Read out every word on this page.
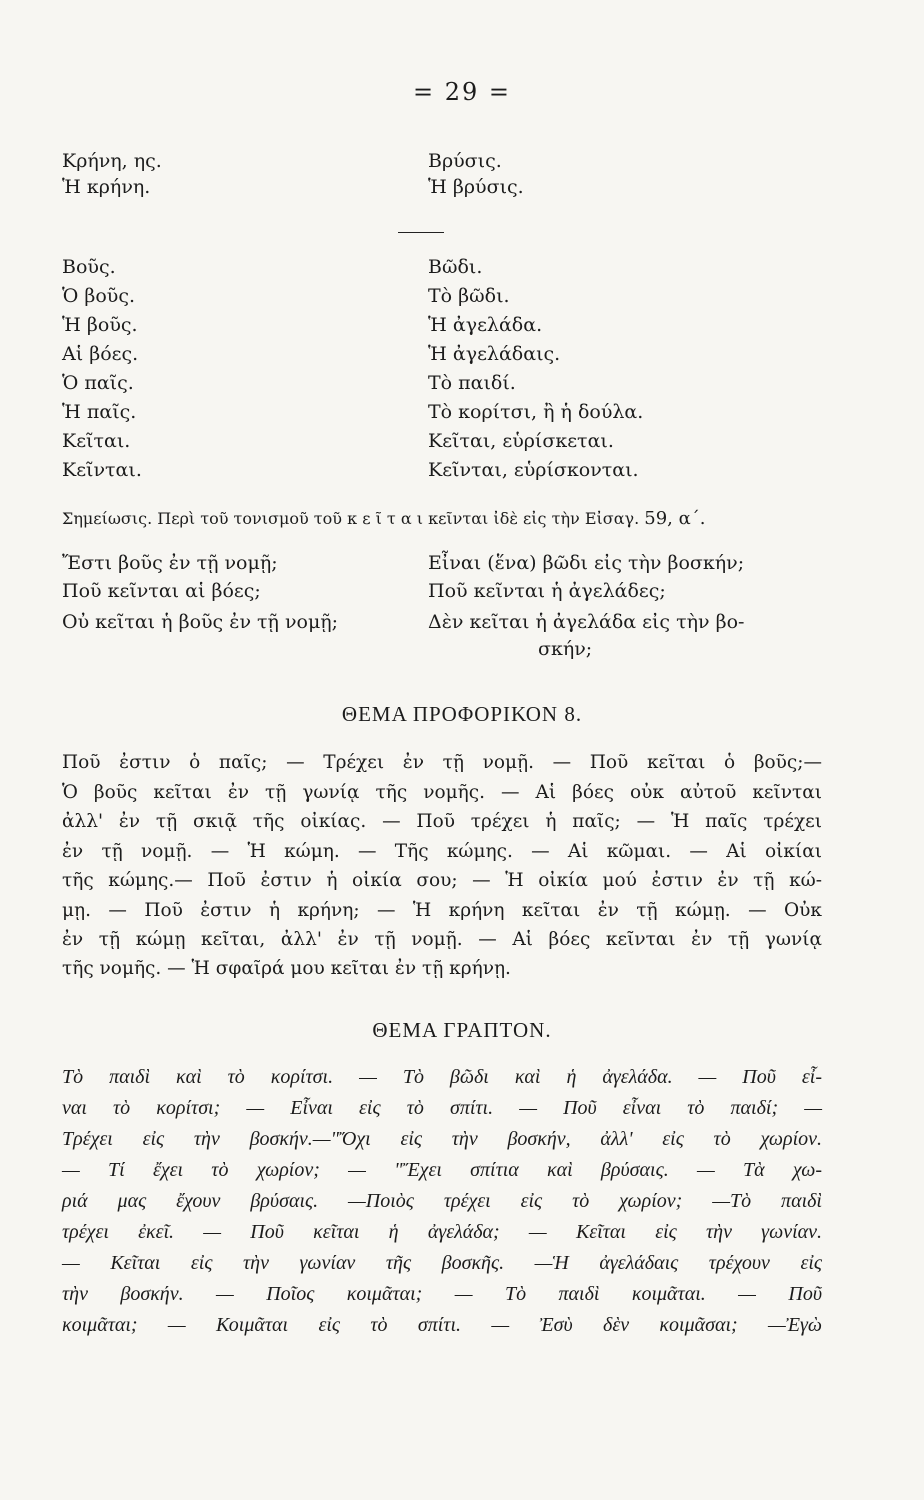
= 29 =
Κρήνη, ης.	Βρύσις.
Ἡ κρήνη.	Ἡ βρύσις.
Βοῦς.	Βῶδι.
Ὁ βοῦς.	Τὸ βῶδι.
Ἡ βοῦς.	Ἡ ἀγελάδα.
Αἱ βόες.	Ἡ ἀγελάδαις.
Ὁ παῖς.	Τὸ παιδί.
Ἡ παῖς.	Τὸ κορίτσι, ἢ ἡ δούλα.
Κεῖται.	Κεῖται, εὑρίσκεται.
Κεῖνται.	Κεῖνται, εὑρίσκονται.
Σημείωσις. Περὶ τοῦ τονισμοῦ τοῦ κ ε ῖ τ α ι κεῖνται ἰδὲ εἰς τὴν Εἰσαγ. 59, α΄.
Ἔστι βοῦς ἐν τῇ νομῇ;	Εἶναι (ἕνα) βῶδι εἰς τὴν βοσκήν;
Ποῦ κεῖνται αἱ βόες;	Ποῦ κεῖνται ἡ ἀγελάδες;
Οὐ κεῖται ἡ βοῦς ἐν τῇ νομῇ;	Δὲν κεῖται ἡ ἀγελάδα εἰς τὴν βο-
σκήν;
ΘΕΜΑ ΠΡΟΦΟΡΙΚΟΝ 8.
Ποῦ ἐστιν ὁ παῖς; — Τρέχει ἐν τῇ νομῇ. — Ποῦ κεῖται ὁ βοῦς;—
Ὁ βοῦς κεῖται ἐν τῇ γωνίᾳ τῆς νομῆς. — Αἱ βόες οὐκ αὐτοῦ κεῖνται
ἀλλ' ἐν τῇ σκιᾷ τῆς οἰκίας. — Ποῦ τρέχει ἡ παῖς; — Ἡ παῖς τρέχει
ἐν τῇ νομῇ. — Ἡ κώμη. — Τῆς κώμης. — Αἱ κῶμαι. — Αἱ οἰκίαι
τῆς κώμης.— Ποῦ ἐστιν ἡ οἰκία σου; — Ἡ οἰκία μού ἐστιν ἐν τῇ κώ-
μῃ. — Ποῦ ἐστιν ἡ κρήνη; — Ἡ κρήνη κεῖται ἐν τῇ κώμῃ. — Οὐκ
ἐν τῇ κώμῃ κεῖται, ἀλλ' ἐν τῇ νομῇ. — Αἱ βόες κεῖνται ἐν τῇ γωνίᾳ
τῆς νομῆς. — Ἡ σφαῖρά μου κεῖται ἐν τῇ κρήνῃ.
ΘΕΜΑ ΓΡΑΠΤΟΝ.
Τὸ παιδὶ καὶ τὸ κορίτσι. — Τὸ βῶδι καὶ ἡ ἀγελάδα. — Ποῦ εἶ-
ναι τὸ κορίτσι; — Εἶναι εἰς τὸ σπίτι. — Ποῦ εἶναι τὸ παιδί; —
Τρέχει εἰς τὴν βοσκήν.—"Ὄχι εἰς τὴν βοσκήν, ἀλλ' εἰς τὸ χωρίον.
— Τί ἔχει τὸ χωρίον; — "Ἔχει σπίτια καὶ βρύσαις. — Τὰ χω-
ριά μας ἔχουν βρύσαις. —Ποιὸς τρέχει εἰς τὸ χωρίον; —Τὸ παιδὶ
τρέχει ἐκεῖ. — Ποῦ κεῖται ἡ ἀγελάδα; — Κεῖται εἰς τὴν γωνίαν.
— Κεῖται εἰς τὴν γωνίαν τῆς βοσκῆς. —Ἡ ἀγελάδαις τρέχουν εἰς
τὴν βοσκήν. — Ποῖος κοιμᾶται; — Τὸ παιδὶ κοιμᾶται. — Ποῦ
κοιμᾶται; — Κοιμᾶται εἰς τὸ σπίτι. — Ἐσὺ δὲν κοιμᾶσαι; —Ἐγὼ
